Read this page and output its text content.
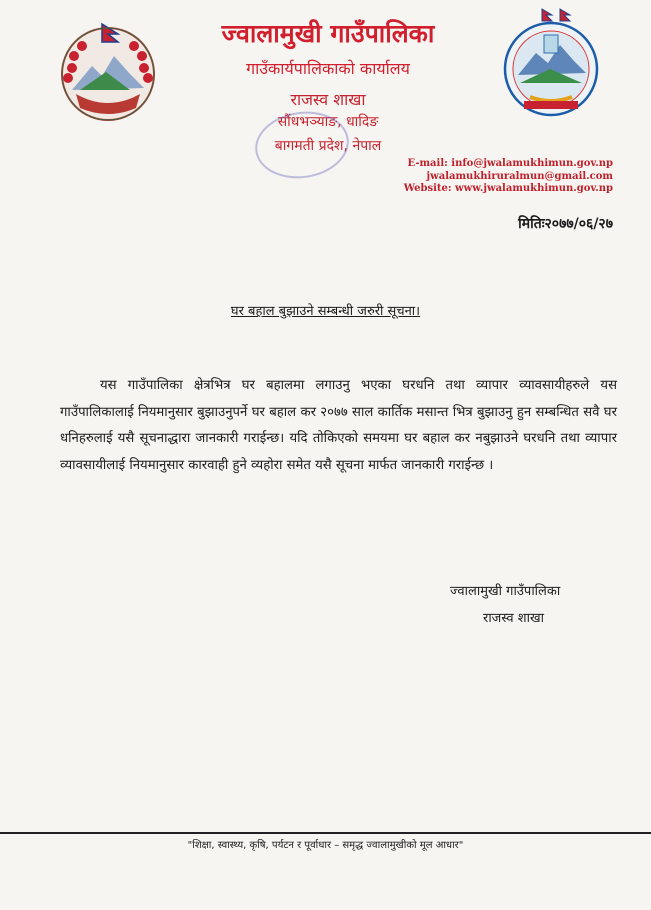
ज्वालामुखी गाउँपालिका
गाउँकार्यपालिकाको कार्यालय
राजस्व शाखा
सौंधभञ्याङ, धादिङ
बागमती प्रदेश, नेपाल
E-mail: info@jwalamukhimun.gov.np
jwalamukhiruralmun@gmail.com
Website: www.jwalamukhimun.gov.np
मितिः२०७७/०६/२७
घर बहाल बुझाउने सम्बन्धी जरुरी सूचना।
यस गाउँपालिका क्षेत्रभित्र घर बहालमा लगाउनु भएका घरधनि तथा व्यापार व्यावसायीहरुले यस गाउँपालिकालाई नियमानुसार बुझाउनुपर्ने घर बहाल कर २०७७ साल कार्तिक मसान्त भित्र बुझाउनु हुन सम्बन्धित सवै घर धनिहरुलाई यसै सूचनाद्धारा जानकारी गराईन्छ। यदि तोकिएको समयमा घर बहाल कर नबुझाउने घरधनि तथा व्यापार व्यावसायीलाई नियमानुसार कारवाही हुने व्यहोरा समेत यसै सूचना मार्फत जानकारी गराईन्छ ।
ज्वालामुखी गाउँपालिका
राजस्व शाखा
"शिक्षा, स्वास्थ्य, कृषि, पर्यटन र पूर्वाधार – समृद्ध ज्वालामुखीको मूल आधार"
